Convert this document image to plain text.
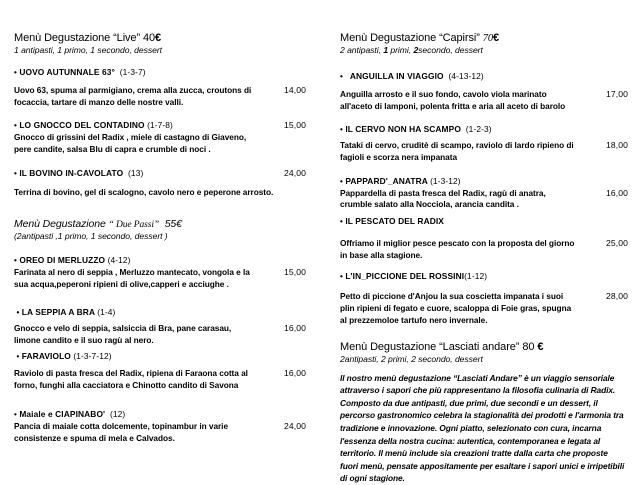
Menù Degustazione “Live” 40€
1 antipasti, 1 primo, 1 secondo, dessert
• UOVO AUTUNNALE 63° (1-3-7)

Uovo 63, spuma al parmigiano, crema alla zucca, croutons di focaccia, tartare di manzo delle nostre valli.
14,00
• LO GNOCCO DEL CONTADINO (1-7-8)
Gnocco di grissini del Radix , miele di castagno di Giaveno, pere candite, salsa Blu di capra e crumble di noci .
15,00
• IL BOVINO IN-CAVOLATO (13)	24,00
Terrina di bovino, gel di scalogno, cavolo nero e peperone arrosto.
Menù Degustazione “ Due Passi” 55€
(2antipasti ,1 primo, 1 secondo, dessert )
• OREO DI MERLUZZO (4-12)
Farinata al nero di seppia , Merluzzo mantecato, vongola e la sua acqua,peperoni ripieni di olive,capperi e acciughe .
15,00
• LA SEPPIA A BRA (1-4)
Gnocco e velo di seppia, salsiccia di Bra, pane carasau, limone candito e il suo ragù al nero.
16,00
• FARAVIOLO (1-3-7-12)
Raviolo di pasta fresca del Radix, ripiena di Faraona cotta al forno, funghi alla cacciatora e Chinotto candito di Savona
16,00
• Maiale e CIAPINABO' (12)
Pancia di maiale cotta dolcemente, topinambur in varie consistenze e spuma di mela e Calvados.
24,00
Menù Degustazione “Capirsi” 70€
2 antipasti, 1 primi, 2secondo, dessert
• ANGUILLA IN VIAGGIO (4-13-12)
Anguilla arrosto e il suo fondo, cavolo viola marinato all'aceto di lamponi, polenta fritta e aria all aceto di barolo
17,00
• IL CERVO NON HA SCAMPO (1-2-3)
Tataki di cervo, cruditè di scampo, raviolo di lardo ripieno di fagioli e scorza nera impanata
18,00
• PAPPARD'_ANATRA (1-3-12)
Pappardella di pasta fresca del Radix, ragù di anatra, crumble salato alla Nocciola, arancia candita .
16,00
• IL PESCATO DEL RADIX
Offriamo il miglior pesce pescato con la proposta del giorno in base alla stagione.
25,00
• L'IN_PICCIONE DEL ROSSINI(1-12)
Petto di piccione d'Anjou la sua coscietta impanata i suoi plin ripieni di fegato e cuore, scaloppa di Foie gras, spugna al prezzemoloe tartufo nero invernale.
28,00
Menù Degustazione “Lasciati andare” 80 €
2antipasti, 2 primi, 2 secondo, dessert

Il nostro menù degustazione “Lasciati Andare” è un viaggio sensoriale attraverso i sapori che più rappresentano la filosofia culinaria di Radix.

Composto da due antipasti, due primi, due secondi e un dessert, il percorso gastronomico celebra la stagionalità dei prodotti e l'armonia tra tradizione e innovazione. Ogni piatto, selezionato con cura, incarna l'essenza della nostra cucina: autentica, contemporanea e legata al territorio. Il menù include sia creazioni tratte dalla carta che proposte fuori menù, pensate appositamente per esaltare i sapori unici e irripetibili di ogni stagione.
